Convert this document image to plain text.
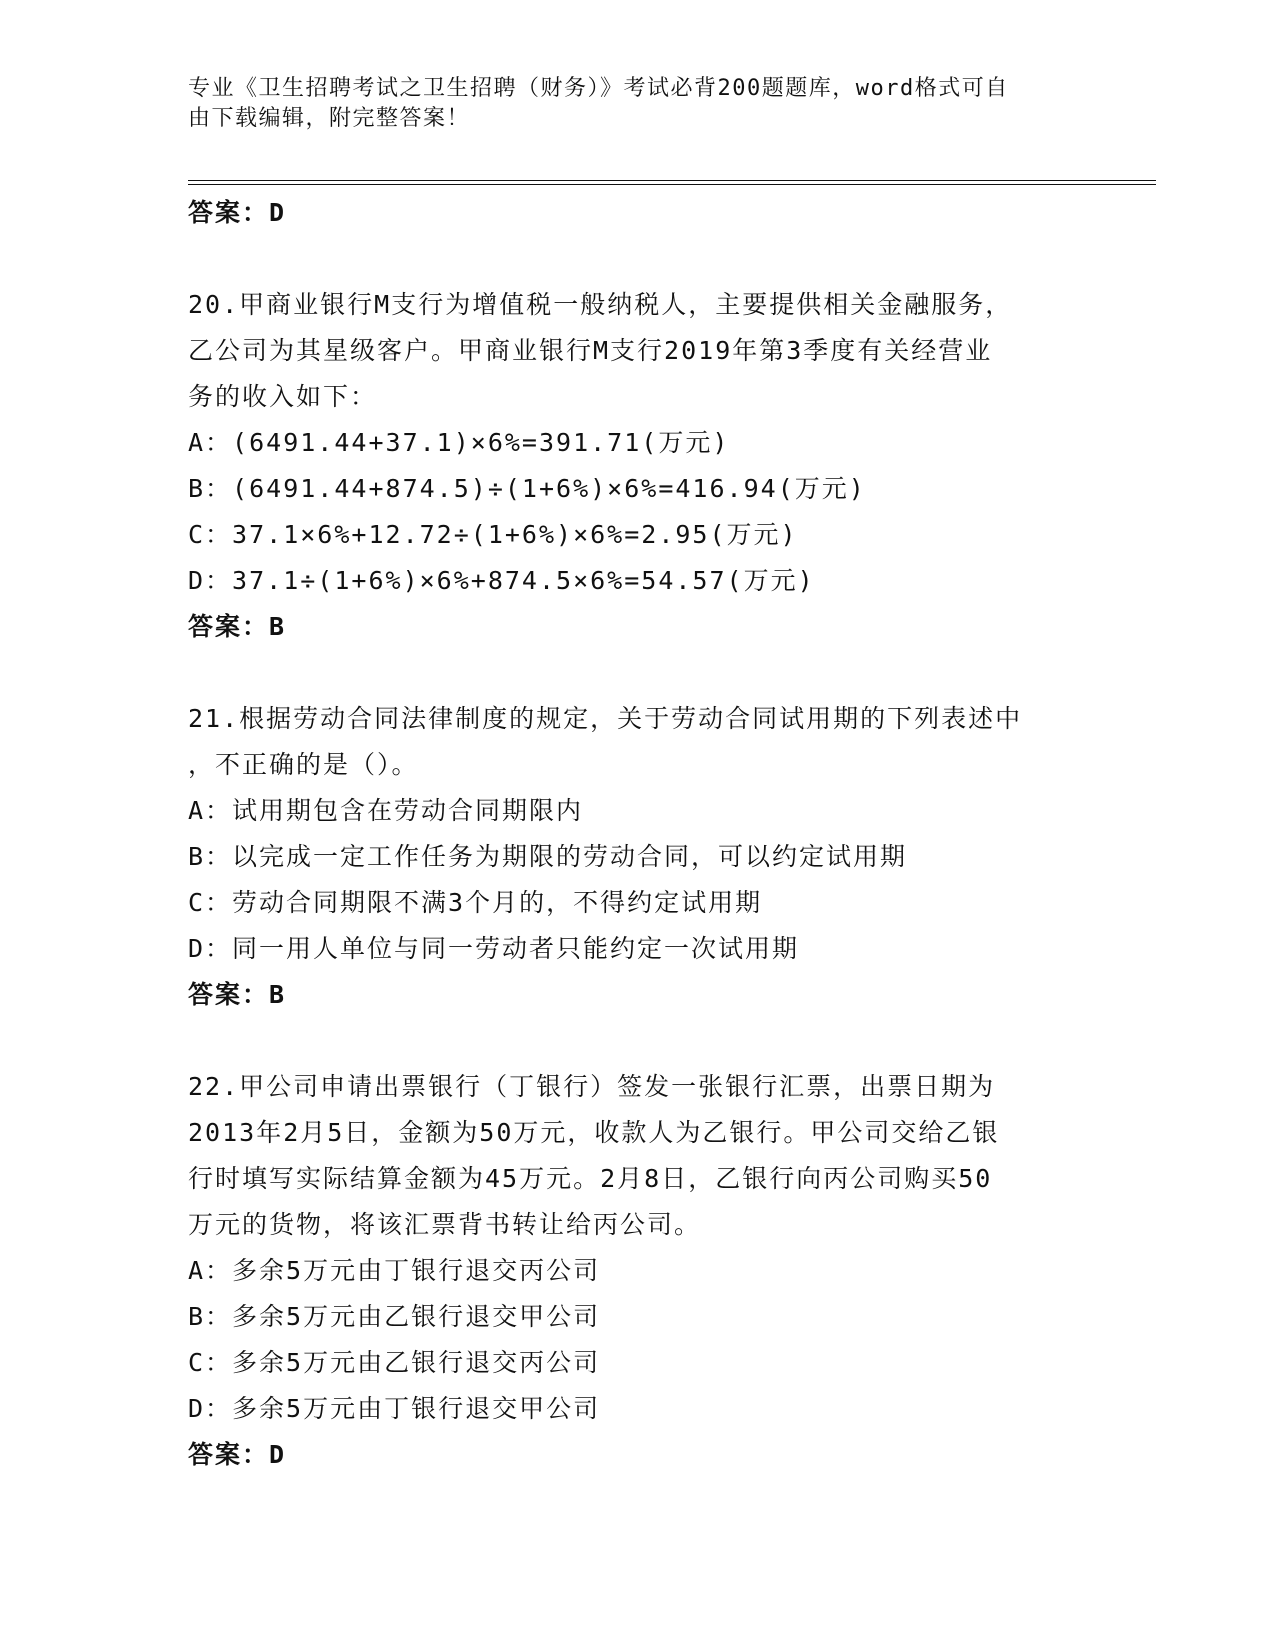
专业《卫生招聘考试之卫生招聘（财务）》考试必背200题题库，word格式可自
由下载编辑，附完整答案！
答案：D
20.甲商业银行M支行为增值税一般纳税人，主要提供相关金融服务，
乙公司为其星级客户。甲商业银行M支行2019年第3季度有关经营业
务的收入如下：
A：(6491.44+37.1)×6%=391.71(万元)
B：(6491.44+874.5)÷(1+6%)×6%=416.94(万元)
C：37.1×6%+12.72÷(1+6%)×6%=2.95(万元)
D：37.1÷(1+6%)×6%+874.5×6%=54.57(万元)
答案：B
21.根据劳动合同法律制度的规定，关于劳动合同试用期的下列表述中
，不正确的是（）。
A：试用期包含在劳动合同期限内
B：以完成一定工作任务为期限的劳动合同，可以约定试用期
C：劳动合同期限不满3个月的，不得约定试用期
D：同一用人单位与同一劳动者只能约定一次试用期
答案：B
22.甲公司申请出票银行（丁银行）签发一张银行汇票，出票日期为
2013年2月5日，金额为50万元，收款人为乙银行。甲公司交给乙银
行时填写实际结算金额为45万元。2月8日，乙银行向丙公司购买50
万元的货物，将该汇票背书转让给丙公司。
A：多余5万元由丁银行退交丙公司
B：多余5万元由乙银行退交甲公司
C：多余5万元由乙银行退交丙公司
D：多余5万元由丁银行退交甲公司
答案：D
